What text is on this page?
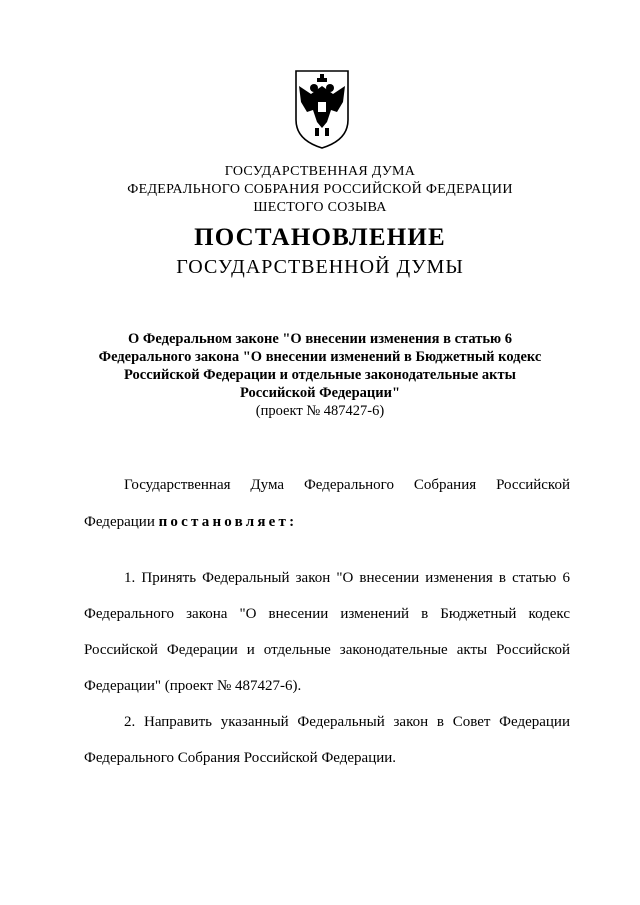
ГОСУДАРСТВЕННАЯ ДУМА
ФЕДЕРАЛЬНОГО СОБРАНИЯ РОССИЙСКОЙ ФЕДЕРАЦИИ
ШЕСТОГО СОЗЫВА
ПОСТАНОВЛЕНИЕ
ГОСУДАРСТВЕННОЙ ДУМЫ
О Федеральном законе "О внесении изменения в статью 6
Федерального закона "О внесении изменений в Бюджетный кодекс
Российской Федерации и отдельные законодательные акты
Российской Федерации"
(проект № 487427-6)
Государственная Дума Федерального Собрания Российской
Федерации постановляет:
1. Принять Федеральный закон "О внесении изменения в статью 6
Федерального закона "О внесении изменений в Бюджетный кодекс
Российской Федерации и отдельные законодательные акты Российской
Федерации" (проект № 487427-6).
2. Направить указанный Федеральный закон в Совет Федерации
Федерального Собрания Российской Федерации.
